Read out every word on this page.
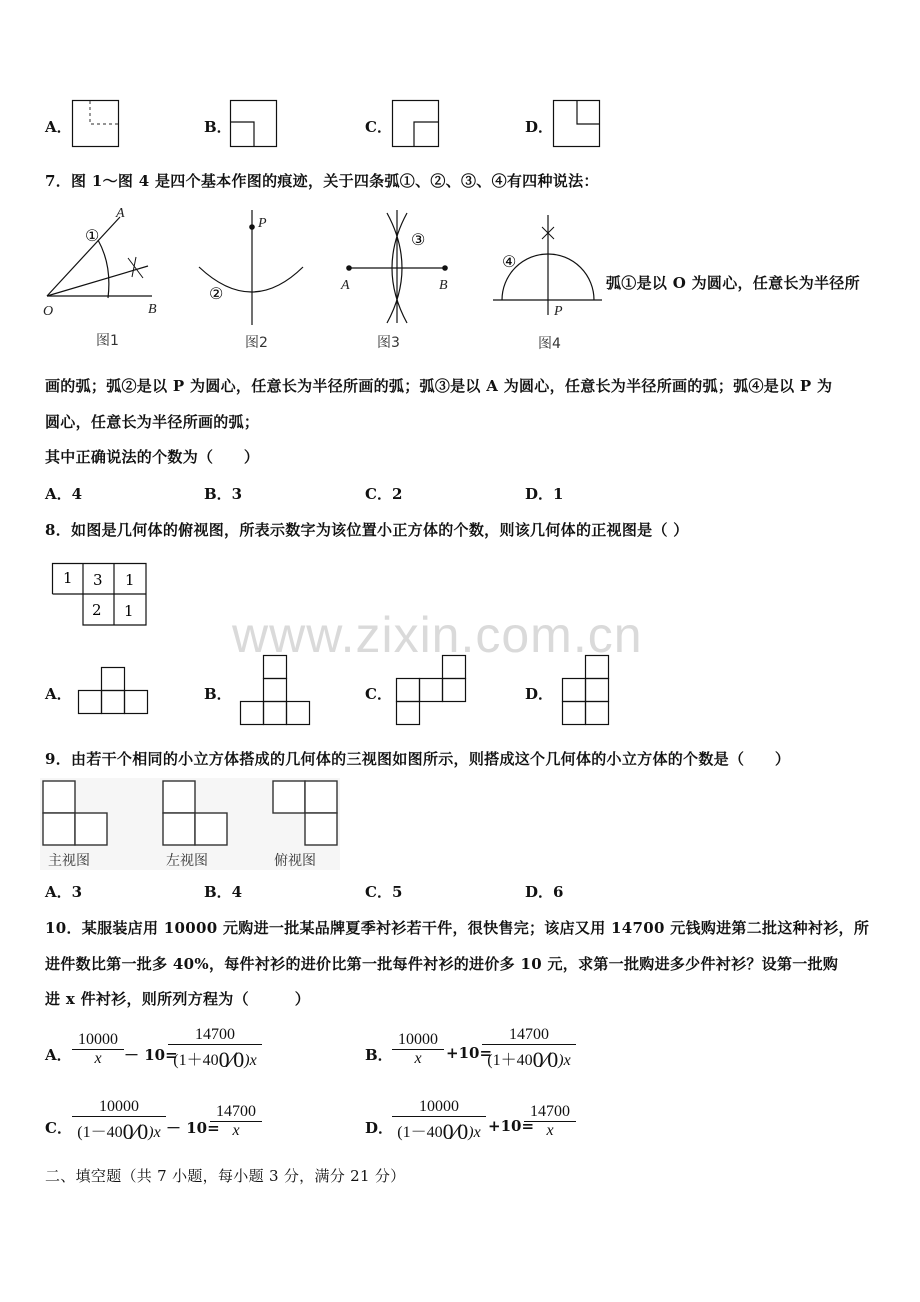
A．	B．	C．	D．
7．图 1～图 4 是四个基本作图的痕迹，关于四条弧①、②、③、④有四种说法：
A
O	B
①
图1
P
②
图2
A	B
③
图3
P
④
图4
弧①是以 O 为圆心，任意长为半径所
画的弧；弧②是以 P 为圆心，任意长为半径所画的弧；弧③是以 A 为圆心，任意长为半径所画的弧；弧④是以 P 为
圆心，任意长为半径所画的弧；
其中正确说法的个数为（　　）
A．4	B．3	C．2	D．1
8．如图是几何体的俯视图，所表示数字为该位置小正方体的个数，则该几何体的正视图是（ ）
1 3 1
2 1 www.zixin.com.cn
A．	B．	C．	D．
9．由若干个相同的小立方体搭成的几何体的三视图如图所示，则搭成这个几何体的小立方体的个数是（　　）
主视图	左视图	俯视图
A．3	B．4	C．5	D．6
10．某服装店用 10000 元购进一批某品牌夏季衬衫若干件，很快售完；该店又用 14700 元钱购进第二批这种衬衫，所
进件数比第一批多 40%，每件衬衫的进价比第一批每件衬衫的进价多 10 元，求第一批购进多少件衬衫？设第一批购
进 x 件衬衫，则所列方程为（　　　）
A．
10000
x	－ 10=
14700
(1＋400⁄0)x	B．
10000
x	+10=
14700
(1＋400⁄0)x
C．
10000
(1－400⁄0)x － 10=
14700
x	D．
10000
(1－400⁄0)x +10=
14700
x
二、填空题（共 7 小题，每小题 3 分，满分 21 分）
